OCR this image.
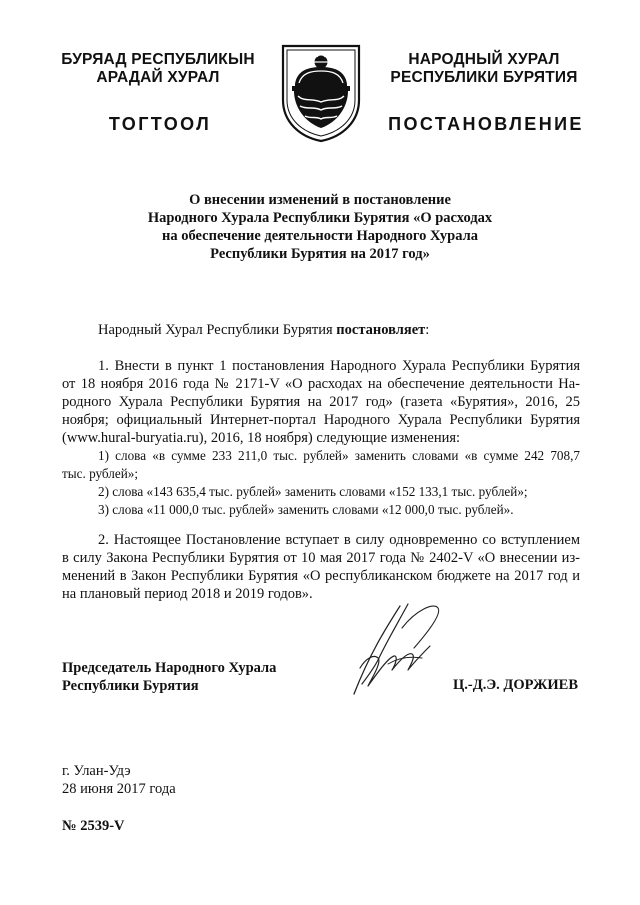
БУРЯАД РЕСПУБЛИКЫН
АРАДАЙ ХУРАЛ
ТОГТООЛ
НАРОДНЫЙ ХУРАЛ
РЕСПУБЛИКИ БУРЯТИЯ
ПОСТАНОВЛЕНИЕ
О внесении изменений в постановление
Народного Хурала Республики Бурятия «О расходах
на обеспечение деятельности Народного Хурала
Республики Бурятия на 2017 год»
Народный Хурал Республики Бурятия постановляет:
1. Внести в пункт 1 постановления Народного Хурала Республики Бурятия
от 18 ноября 2016 года № 2171-V «О расходах на обеспечение деятельности На-
родного Хурала Республики Бурятия на 2017 год» (газета «Бурятия», 2016, 25
ноября; официальный Интернет-портал Народного Хурала Республики Бурятия
(www.hural-buryatia.ru), 2016, 18 ноября) следующие изменения:
1) слова «в сумме 233 211,0 тыс. рублей» заменить словами «в сумме 242 708,7
тыс. рублей»;
2) слова «143 635,4 тыс. рублей» заменить словами «152 133,1 тыс. рублей»;
3) слова «11 000,0 тыс. рублей» заменить словами «12 000,0 тыс. рублей».
2. Настоящее Постановление вступает в силу одновременно со вступлением
в силу Закона Республики Бурятия от 10 мая 2017 года № 2402-V «О внесении из-
менений в Закон Республики Бурятия «О республиканском бюджете на 2017 год и
на плановый период 2018 и 2019 годов».
Председатель Народного Хурала
Республики Бурятия	Ц.-Д.Э. ДОРЖИЕВ
г. Улан-Удэ
28 июня 2017 года
№ 2539-V
